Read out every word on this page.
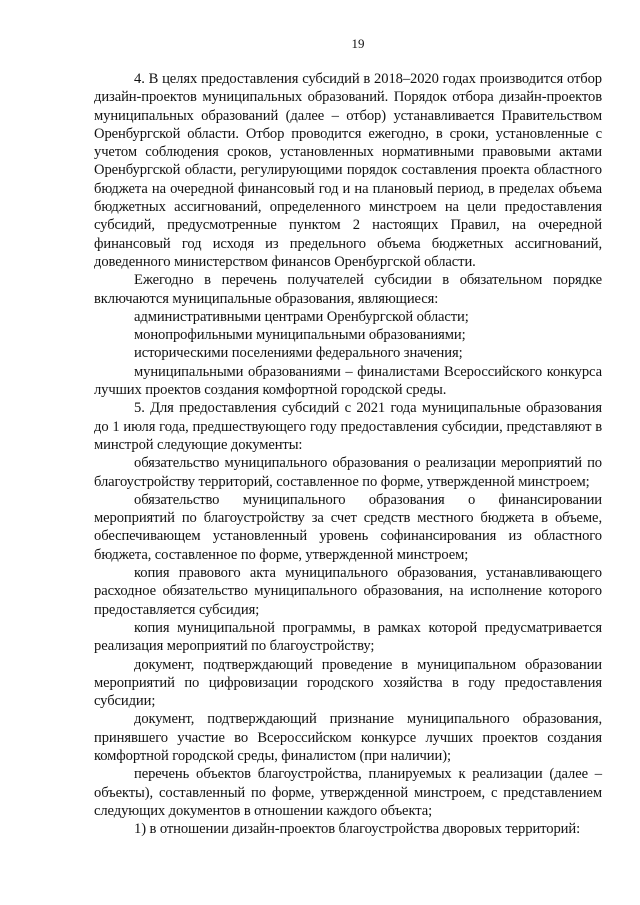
19

4. В целях предоставления субсидий в 2018–2020 годах производится отбор дизайн-проектов муниципальных образований. Порядок отбора дизайн-проектов муниципальных образований (далее – отбор) устанавливается Правительством Оренбургской области. Отбор проводится ежегодно, в сроки, установленные с учетом соблюдения сроков, установленных нормативными правовыми актами Оренбургской области, регулирующими порядок составления проекта областного бюджета на очередной финансовый год и на плановый период, в пределах объема бюджетных ассигнований, определенного минстроем на цели предоставления субсидий, предусмотренные пунктом 2 настоящих Правил, на очередной финансовый год исходя из предельного объема бюджетных ассигнований, доведенного министерством финансов Оренбургской области.

Ежегодно в перечень получателей субсидии в обязательном порядке включаются муниципальные образования, являющиеся:

административными центрами Оренбургской области;

монопрофильными муниципальными образованиями;

историческими поселениями федерального значения;

муниципальными образованиями – финалистами Всероссийского конкурса лучших проектов создания комфортной городской среды.

5. Для предоставления субсидий с 2021 года муниципальные образования до 1 июля года, предшествующего году предоставления субсидии, представляют в минстрой следующие документы:

обязательство муниципального образования о реализации мероприятий по благоустройству территорий, составленное по форме, утвержденной минстроем;

обязательство муниципального образования о финансировании мероприятий по благоустройству за счет средств местного бюджета в объеме, обеспечивающем установленный уровень софинансирования из областного бюджета, составленное по форме, утвержденной минстроем;

копия правового акта муниципального образования, устанавливающего расходное обязательство муниципального образования, на исполнение которого предоставляется субсидия;

копия муниципальной программы, в рамках которой предусматривается реализация мероприятий по благоустройству;

документ, подтверждающий проведение в муниципальном образовании мероприятий по цифровизации городского хозяйства в году предоставления субсидии;

документ, подтверждающий признание муниципального образования, принявшего участие во Всероссийском конкурсе лучших проектов создания комфортной городской среды, финалистом (при наличии);

перечень объектов благоустройства, планируемых к реализации (далее – объекты), составленный по форме, утвержденной минстроем, с представлением следующих документов в отношении каждого объекта;

1) в отношении дизайн-проектов благоустройства дворовых территорий:
